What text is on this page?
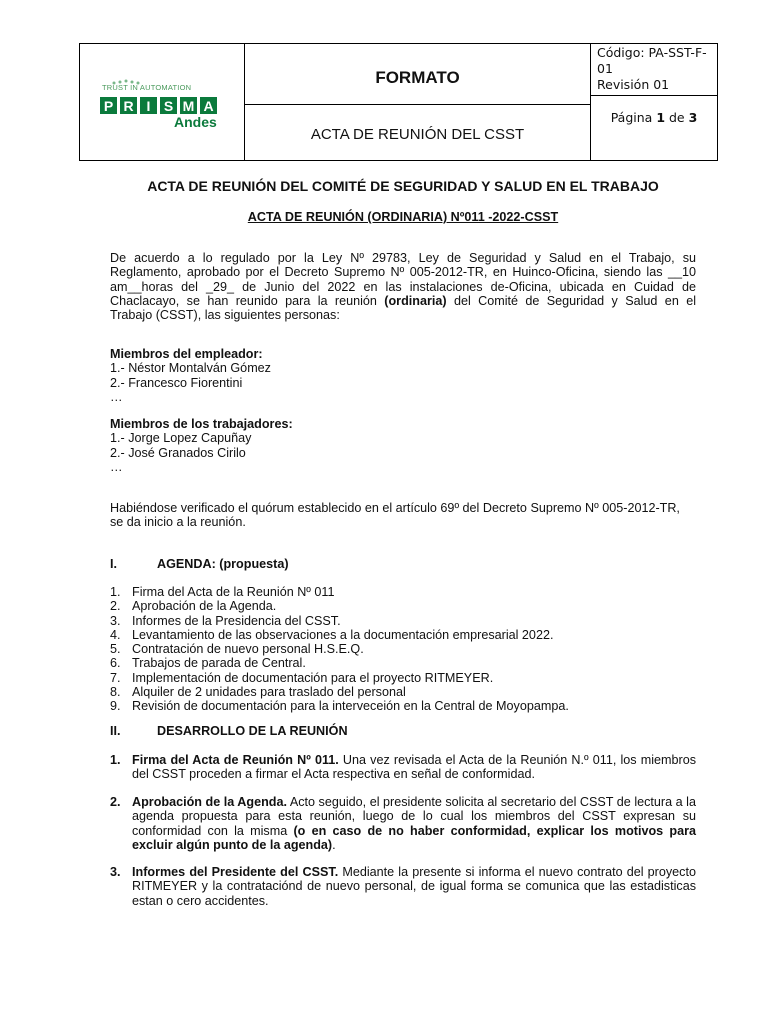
TRUST IN AUTOMATION
P R I S M A
Andes
FORMATO
ACTA DE REUNIÓN DEL CSST
Código: PA-SST-F-01
Revisión 01
Página
1
de
3
ACTA DE REUNIÓN DEL COMITÉ DE SEGURIDAD Y SALUD EN EL TRABAJO
ACTA DE REUNIÓN (ORDINARIA) Nº011 -2022-CSST
De acuerdo a lo regulado por la Ley Nº 29783, Ley de Seguridad y Salud en el Trabajo, su
Reglamento, aprobado por el Decreto Supremo Nº 005-2012-TR, en Huinco-Oficina, siendo las __10
am__horas del _29_ de Junio del 2022 en las instalaciones de-Oficina, ubicada en Cuidad de
Chaclacayo, se han reunido para la reunión (ordinaria) del Comité de Seguridad y Salud en el
Trabajo (CSST), las siguientes personas:
Miembros del empleador:
1.- Néstor Montalván Gómez
2.- Francesco Fiorentini
…
Miembros de los trabajadores:
1.- Jorge Lopez Capuñay
2.- José Granados Cirilo
…
Habiéndose verificado el quórum establecido en el artículo 69º del Decreto Supremo Nº 005-2012-TR,
se da inicio a la reunión.
I.	AGENDA: (propuesta)
1. Firma del Acta de la Reunión Nº 011
2. Aprobación de la Agenda.
3. Informes de la Presidencia del CSST.
4. Levantamiento de las observaciones a la documentación empresarial 2022.
5. Contratación de nuevo personal H.S.E.Q.
6. Trabajos de parada de Central.
7. Implementación de documentación para el proyecto RITMEYER.
8. Alquiler de 2 unidades para traslado del personal
9. Revisión de documentación para la interveceión en la Central de Moyopampa.
II.	DESARROLLO DE LA REUNIÓN
1. Firma del Acta de Reunión Nº 011. Una vez revisada el Acta de la Reunión N.º 011, los miembros del CSST proceden a firmar el Acta respectiva en señal de conformidad.
2. Aprobación de la Agenda. Acto seguido, el presidente solicita al secretario del CSST de lectura a la agenda propuesta para esta reunión, luego de lo cual los miembros del CSST expresan su conformidad con la misma (o en caso de no haber conformidad, explicar los motivos para excluir algún punto de la agenda).
3. Informes del Presidente del CSST. Mediante la presente si informa el nuevo contrato del proyecto RITMEYER y la contrataciónd de nuevo personal, de igual forma se comunica que las estadisticas estan o cero accidentes.
